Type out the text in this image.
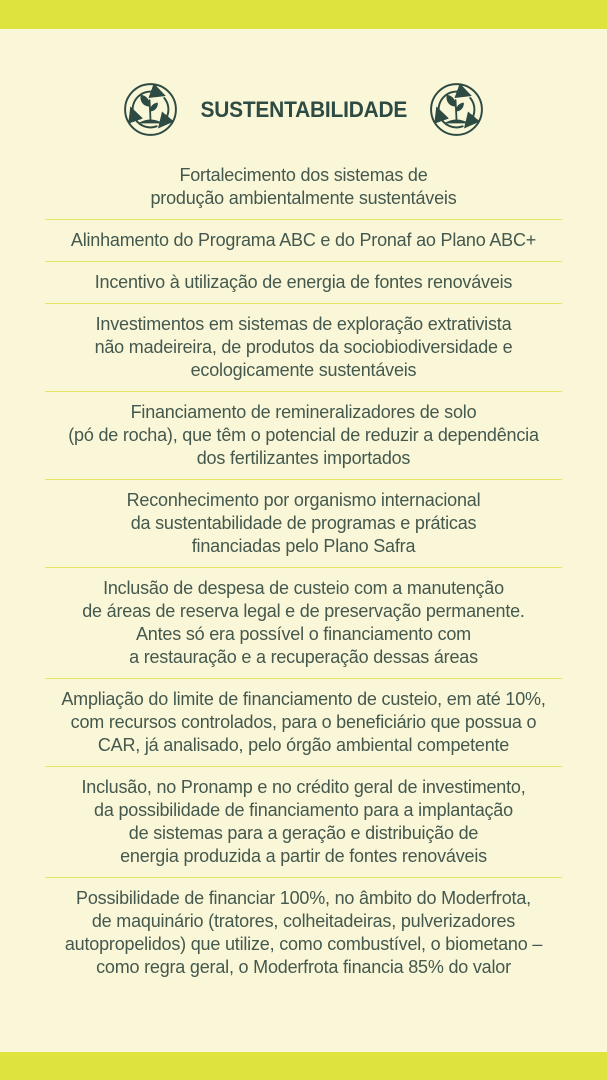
SUSTENTABILIDADE
Fortalecimento dos sistemas de
produção ambientalmente sustentáveis
Alinhamento do Programa ABC e do Pronaf ao Plano ABC+
Incentivo à utilização de energia de fontes renováveis
Investimentos em sistemas de exploração extrativista
não madeireira, de produtos da sociobiodiversidade e
ecologicamente sustentáveis
Financiamento de remineralizadores de solo
(pó de rocha), que têm o potencial de reduzir a dependência
dos fertilizantes importados
Reconhecimento por organismo internacional
da sustentabilidade de programas e práticas
financiadas pelo Plano Safra
Inclusão de despesa de custeio com a manutenção
de áreas de reserva legal e de preservação permanente.
Antes só era possível o financiamento com
a restauração e a recuperação dessas áreas
Ampliação do limite de financiamento de custeio, em até 10%,
com recursos controlados, para o beneficiário que possua o
CAR, já analisado, pelo órgão ambiental competente
Inclusão, no Pronamp e no crédito geral de investimento,
da possibilidade de financiamento para a implantação
de sistemas para a geração e distribuição de
energia produzida a partir de fontes renováveis
Possibilidade de financiar 100%, no âmbito do Moderfrota,
de maquinário (tratores, colheitadeiras, pulverizadores
autopropelidos) que utilize, como combustível, o biometano –
como regra geral, o Moderfrota financia 85% do valor
